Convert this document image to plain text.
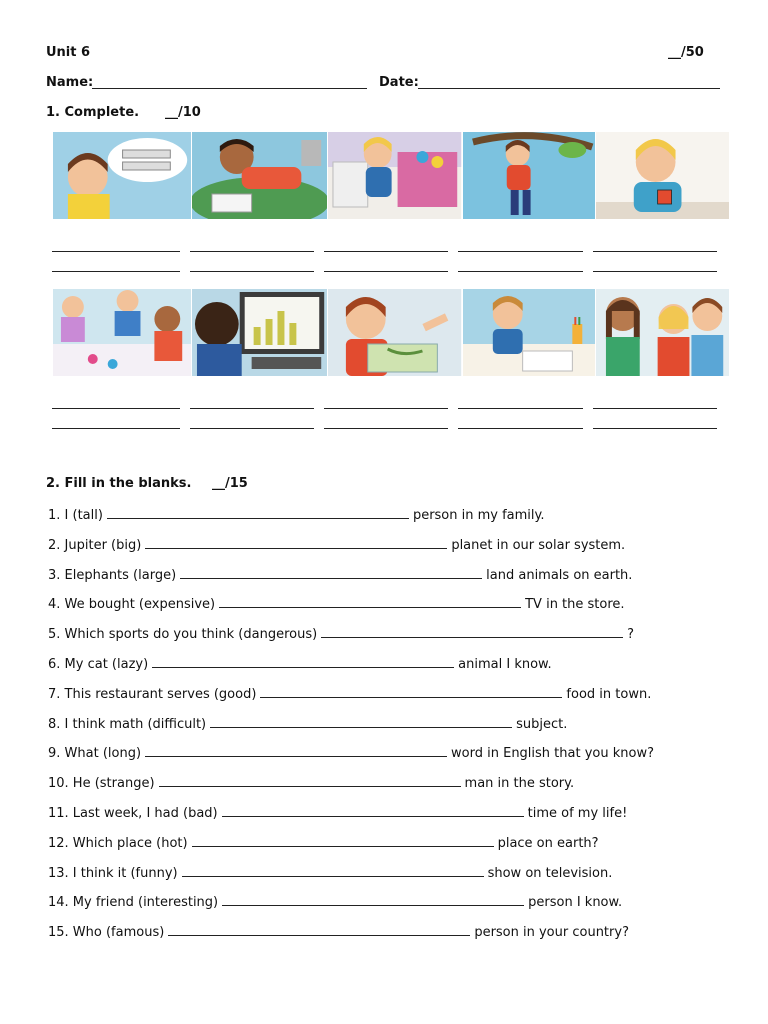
Unit 6	__/50
Name:	Date:
1. Complete. __/10
2. Fill in the blanks. __/15
1. I (tall)	person in my family.
2. Jupiter (big)	planet in our solar system.
3. Elephants (large)	land animals on earth.
4. We bought (expensive)	TV in the store.
5. Which sports do you think (dangerous)	?
6. My cat (lazy)	animal I know.
7. This restaurant serves (good)	food in town.
8. I think math (difficult)	subject.
9. What (long)	word in English that you know?
10. He (strange)	man in the story.
11. Last week, I had (bad)	time of my life!
12. Which place (hot)	place on earth?
13. I think it (funny)	show on television.
14. My friend (interesting)	person I know.
15. Who (famous)	person in your country?
